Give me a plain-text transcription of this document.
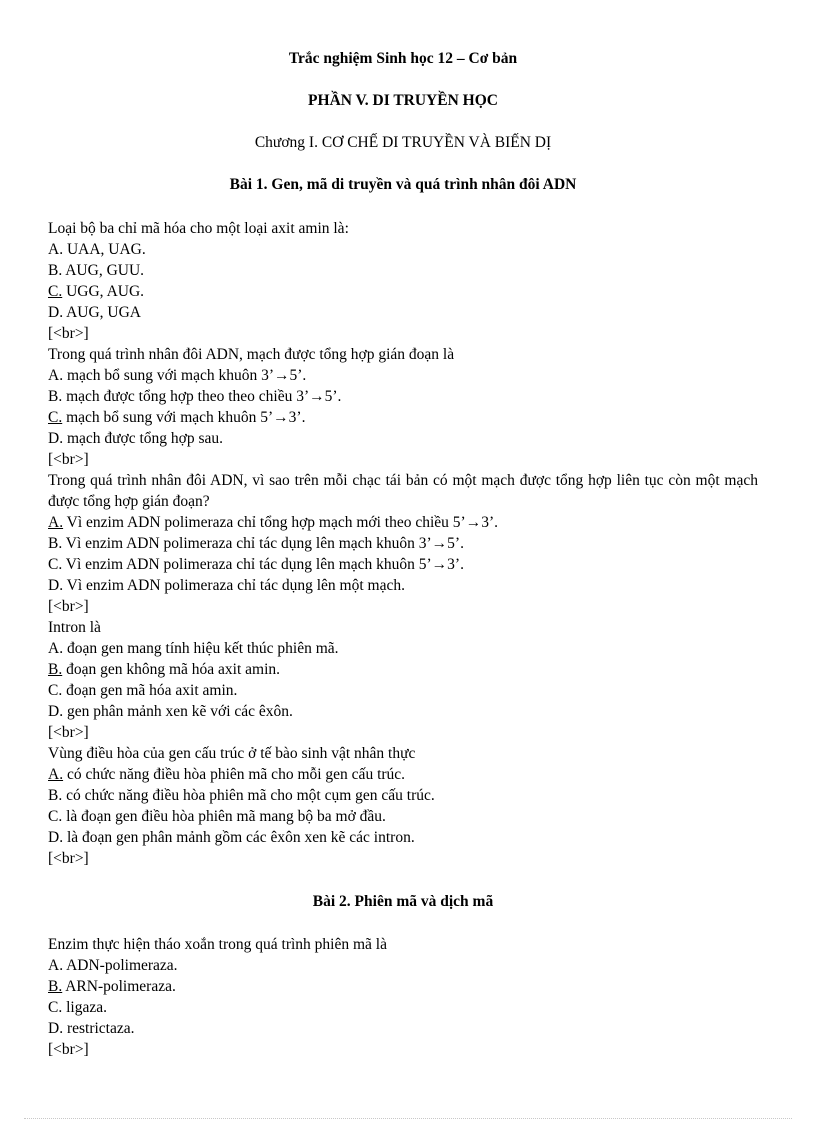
Trắc nghiệm Sinh học 12 – Cơ bản
PHẦN V. DI TRUYỀN HỌC
Chương I. CƠ CHẾ DI TRUYỀN VÀ BIẾN DỊ
Bài 1. Gen, mã di truyền và quá trình nhân đôi ADN
Loại bộ ba chỉ mã hóa cho một loại axit amin là:
A. UAA, UAG.
B. AUG, GUU.
C. UGG, AUG.
D. AUG, UGA
[<br>]
Trong quá trình nhân đôi ADN, mạch được tổng hợp gián đoạn là
A. mạch bổ sung với mạch khuôn 3’→5’.
B. mạch được tổng hợp theo theo chiều 3’→5’.
C. mạch bổ sung với mạch khuôn 5’→3’.
D. mạch được tổng hợp sau.
[<br>]
Trong quá trình nhân đôi ADN, vì sao trên mỗi chạc tái bản có một mạch được tổng hợp liên tục còn một mạch được tổng hợp gián đoạn?
A. Vì enzim ADN polimeraza chỉ tổng hợp mạch mới theo chiều 5’→3’.
B. Vì enzim ADN polimeraza chỉ tác dụng lên mạch khuôn 3’→5’.
C. Vì enzim ADN polimeraza chỉ tác dụng lên mạch khuôn 5’→3’.
D. Vì enzim ADN polimeraza chỉ tác dụng lên một mạch.
[<br>]
Intron là
A. đoạn gen mang tính hiệu kết thúc phiên mã.
B. đoạn gen không mã hóa axit amin.
C. đoạn gen mã hóa axit amin.
D. gen phân mảnh xen kẽ với các êxôn.
[<br>]
Vùng điều hòa của gen cấu trúc ở tế bào sinh vật nhân thực
A. có chức năng điều hòa phiên mã cho mỗi gen cấu trúc.
B. có chức năng điều hòa phiên mã cho một cụm gen cấu trúc.
C. là đoạn gen điều hòa phiên mã mang bộ ba mở đầu.
D. là đoạn gen phân mảnh gồm các êxôn xen kẽ các intron.
[<br>]
Bài 2. Phiên mã và dịch mã
Enzim thực hiện tháo xoắn trong quá trình phiên mã là
A. ADN-polimeraza.
B. ARN-polimeraza.
C. ligaza.
D. restrictaza.
[<br>]
